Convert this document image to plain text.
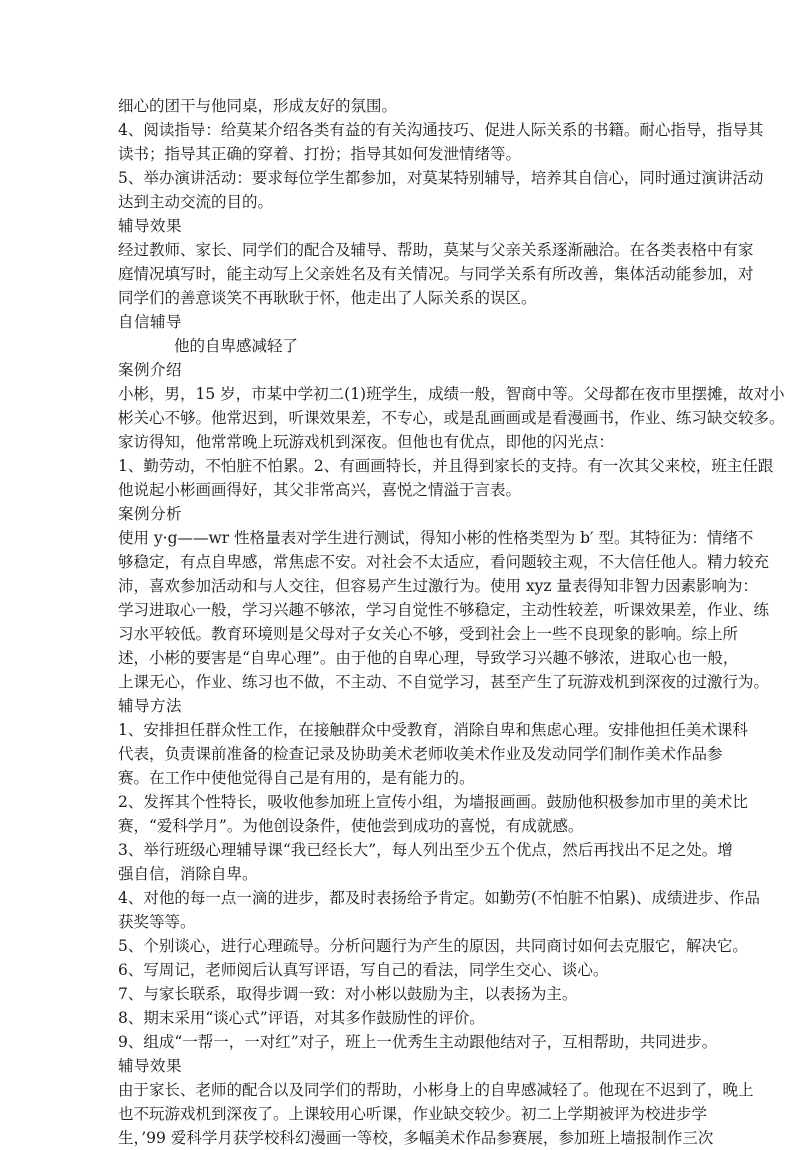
细心的团干与他同桌，形成友好的氛围。
4、阅读指导：给莫某介绍各类有益的有关沟通技巧、促进人际关系的书籍。耐心指导，指导其
读书；指导其正确的穿着、打扮；指导其如何发泄情绪等。
5、举办演讲活动：要求每位学生都参加，对莫某特别辅导，培养其自信心，同时通过演讲活动
达到主动交流的目的。
辅导效果
经过教师、家长、同学们的配合及辅导、帮助，莫某与父亲关系逐渐融洽。在各类表格中有家
庭情况填写时，能主动写上父亲姓名及有关情况。与同学关系有所改善，集体活动能参加，对
同学们的善意谈笑不再耿耿于怀，他走出了人际关系的误区。
自信辅导
他的自卑感减轻了
案例介绍
小彬，男，15 岁，市某中学初二(1)班学生，成绩一般，智商中等。父母都在夜市里摆摊，故对小
彬关心不够。他常迟到，听课效果差，不专心，或是乱画画或是看漫画书，作业、练习缺交较多。
家访得知，他常常晚上玩游戏机到深夜。但他也有优点，即他的闪光点：
1、勤劳动，不怕脏不怕累。2、有画画特长，并且得到家长的支持。有一次其父来校，班主任跟
他说起小彬画画得好，其父非常高兴，喜悦之情溢于言表。
案例分析
使用 y·g——wr 性格量表对学生进行测试，得知小彬的性格类型为 b′ 型。其特征为：情绪不
够稳定，有点自卑感，常焦虑不安。对社会不太适应，看问题较主观，不大信任他人。精力较充
沛，喜欢参加活动和与人交往，但容易产生过激行为。使用 xyz 量表得知非智力因素影响为：
学习进取心一般，学习兴趣不够浓，学习自觉性不够稳定，主动性较差，听课效果差，作业、练
习水平较低。教育环境则是父母对子女关心不够，受到社会上一些不良现象的影响。综上所
述，小彬的要害是“自卑心理”。由于他的自卑心理，导致学习兴趣不够浓，进取心也一般，
上课无心，作业、练习也不做，不主动、不自觉学习，甚至产生了玩游戏机到深夜的过激行为。
辅导方法
1、安排担任群众性工作，在接触群众中受教育，消除自卑和焦虑心理。安排他担任美术课科
代表，负责课前准备的检查记录及协助美术老师收美术作业及发动同学们制作美术作品参
赛。在工作中使他觉得自己是有用的，是有能力的。
2、发挥其个性特长，吸收他参加班上宣传小组，为墙报画画。鼓励他积极参加市里的美术比
赛，“爱科学月”。为他创设条件，使他尝到成功的喜悦，有成就感。
3、举行班级心理辅导课“我已经长大”，每人列出至少五个优点，然后再找出不足之处。增
强自信，消除自卑。
4、对他的每一点一滴的进步，都及时表扬给予肯定。如勤劳(不怕脏不怕累)、成绩进步、作品
获奖等等。
5、个别谈心，进行心理疏导。分析问题行为产生的原因，共同商讨如何去克服它，解决它。
6、写周记，老师阅后认真写评语，写自己的看法，同学生交心、谈心。
7、与家长联系，取得步调一致：对小彬以鼓励为主，以表扬为主。
8、期末采用“谈心式”评语，对其多作鼓励性的评价。
9、组成“一帮一，一对红”对子，班上一优秀生主动跟他结对子，互相帮助，共同进步。
辅导效果
由于家长、老师的配合以及同学们的帮助，小彬身上的自卑感减轻了。他现在不迟到了，晚上
也不玩游戏机到深夜了。上课较用心听课，作业缺交较少。初二上学期被评为校进步学
生，’99 爱科学月获学校科幻漫画一等校，多幅美术作品参赛展，参加班上墙报制作三次
